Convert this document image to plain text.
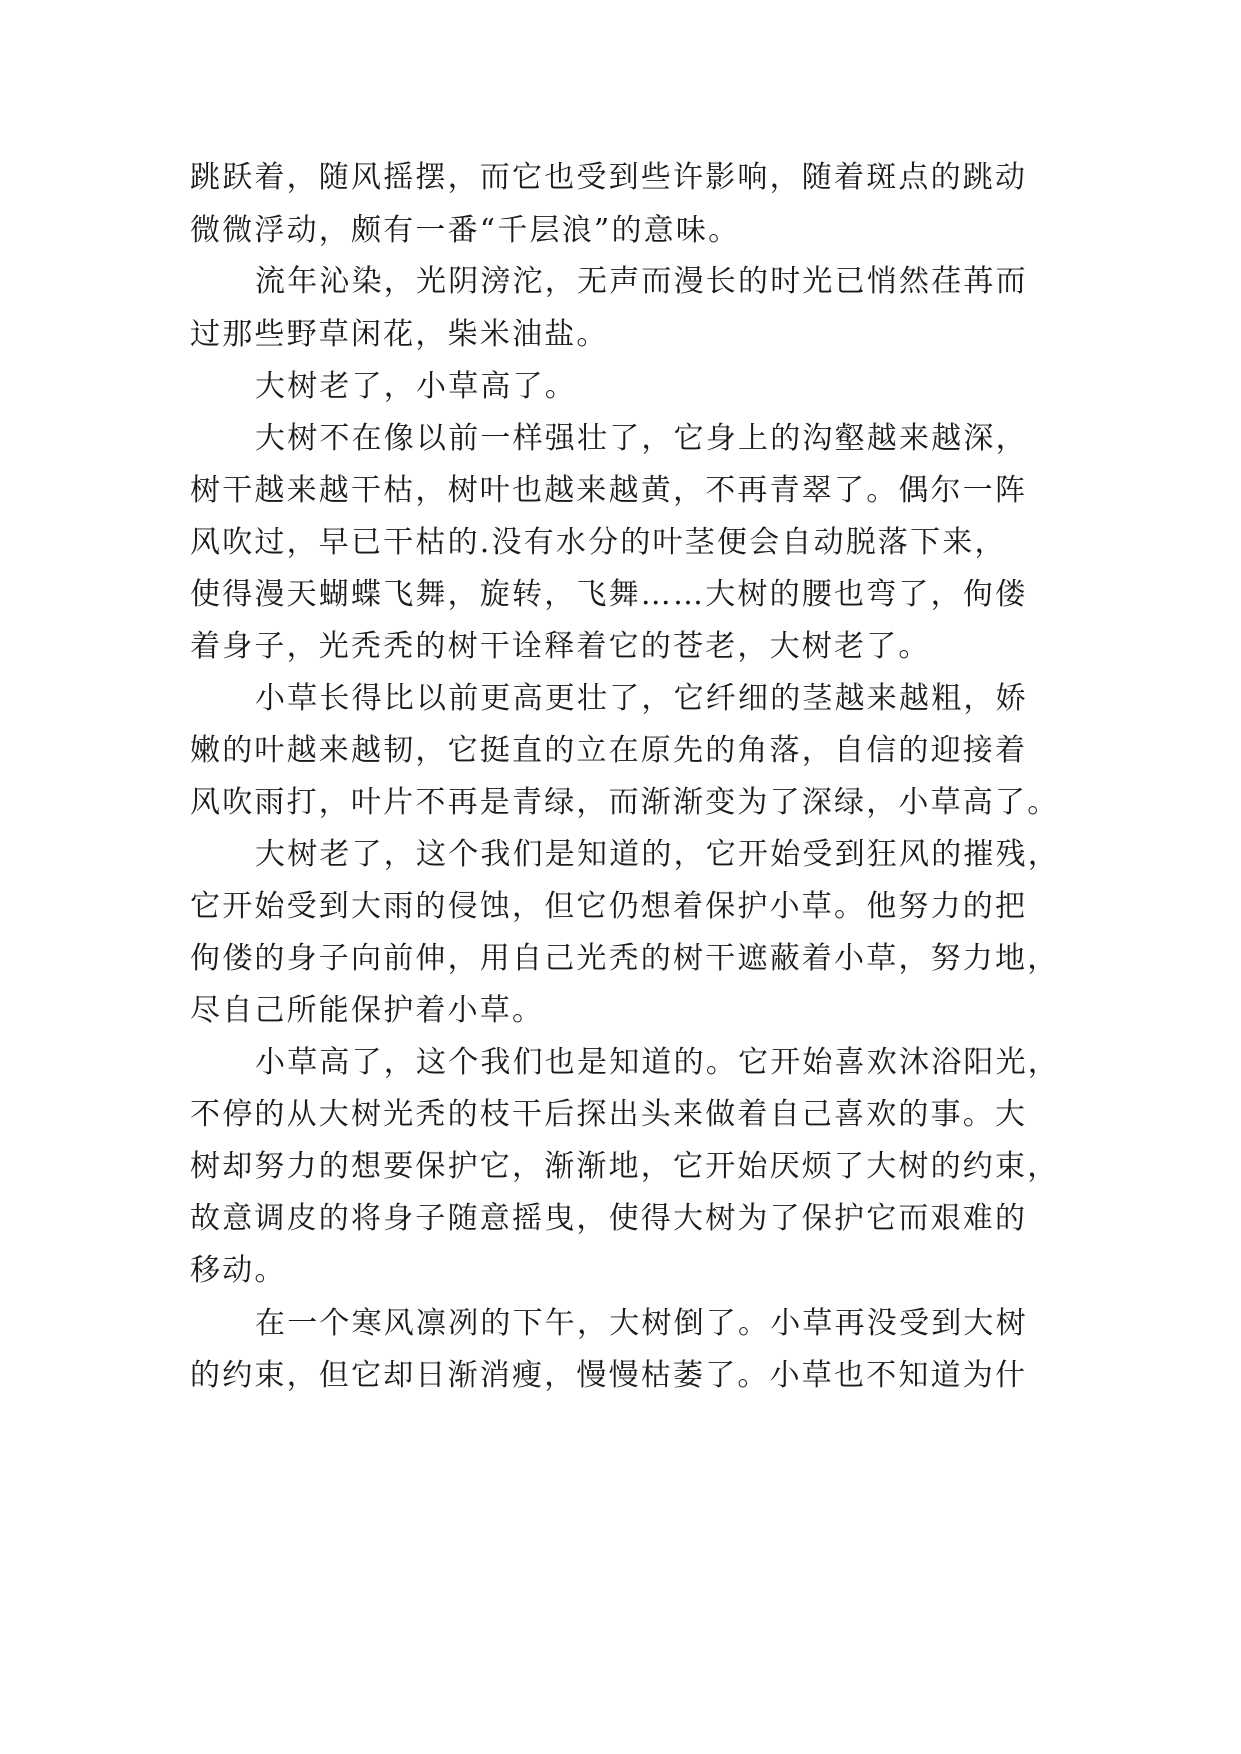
跳跃着，随风摇摆，而它也受到些许影响，随着斑点的跳动
微微浮动，颇有一番“千层浪”的意味。
流年沁染，光阴滂沱，无声而漫长的时光已悄然荏苒而
过那些野草闲花，柴米油盐。
大树老了，小草高了。
大树不在像以前一样强壮了，它身上的沟壑越来越深，
树干越来越干枯，树叶也越来越黄，不再青翠了。偶尔一阵
风吹过，早已干枯的.没有水分的叶茎便会自动脱落下来，
使得漫天蝴蝶飞舞，旋转，飞舞……大树的腰也弯了，佝偻
着身子，光秃秃的树干诠释着它的苍老，大树老了。
小草长得比以前更高更壮了，它纤细的茎越来越粗，娇
嫩的叶越来越韧，它挺直的立在原先的角落，自信的迎接着
风吹雨打，叶片不再是青绿，而渐渐变为了深绿，小草高了。
大树老了，这个我们是知道的，它开始受到狂风的摧残，
它开始受到大雨的侵蚀，但它仍想着保护小草。他努力的把
佝偻的身子向前伸，用自己光秃的树干遮蔽着小草，努力地，
尽自己所能保护着小草。
小草高了，这个我们也是知道的。它开始喜欢沐浴阳光，
不停的从大树光秃的枝干后探出头来做着自己喜欢的事。大
树却努力的想要保护它，渐渐地，它开始厌烦了大树的约束，
故意调皮的将身子随意摇曳，使得大树为了保护它而艰难的
移动。
在一个寒风凛冽的下午，大树倒了。小草再没受到大树
的约束，但它却日渐消瘦，慢慢枯萎了。小草也不知道为什
